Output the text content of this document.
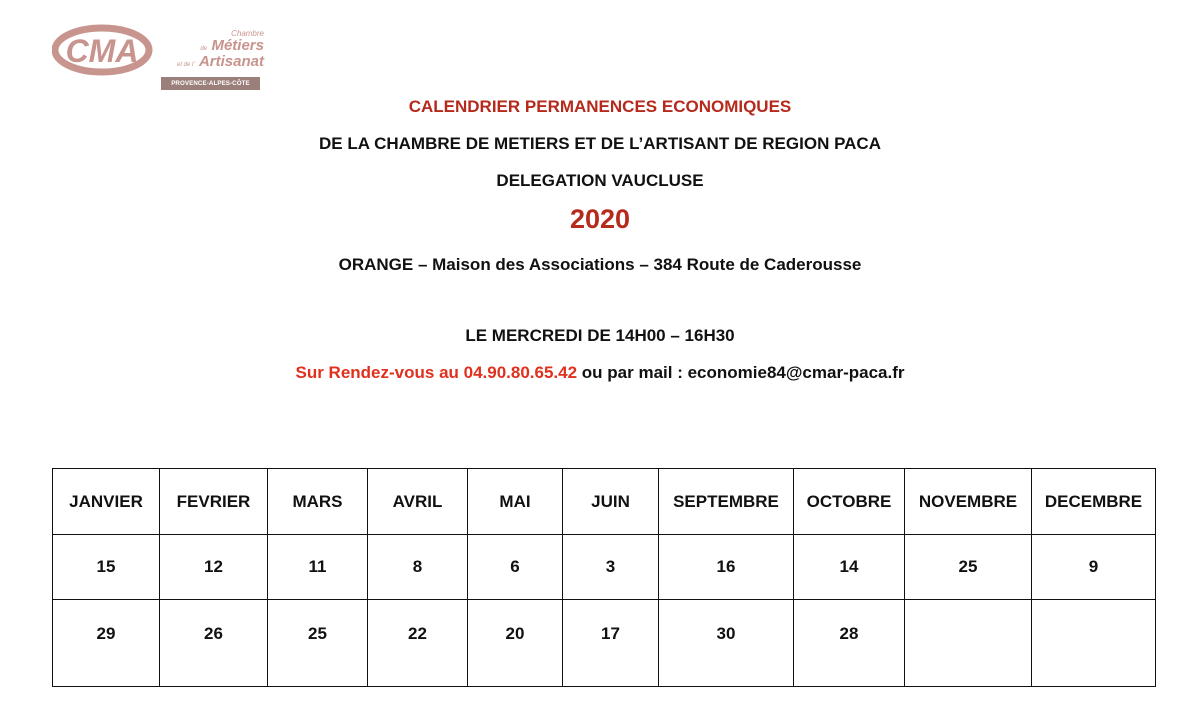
CMA	Chambre
de Métiers
et de l' Artisanat
PROVENCE-ALPES-CÔTE D'AZUR
CALENDRIER PERMANENCES ECONOMIQUES
DE LA CHAMBRE DE METIERS ET DE L’ARTISANT DE REGION PACA
DELEGATION VAUCLUSE
2020
ORANGE – Maison des Associations – 384 Route de Caderousse
LE MERCREDI DE 14H00 – 16H30
Sur Rendez-vous au 04.90.80.65.42 ou par mail : economie84@cmar-paca.fr
JANVIER	FEVRIER	MARS	AVRIL	MAI	JUIN	SEPTEMBRE	OCTOBRE	NOVEMBRE	DECEMBRE
15	12	11	8	6	3	16	14	25	9
29	26	25	22	20	17	30	28		
